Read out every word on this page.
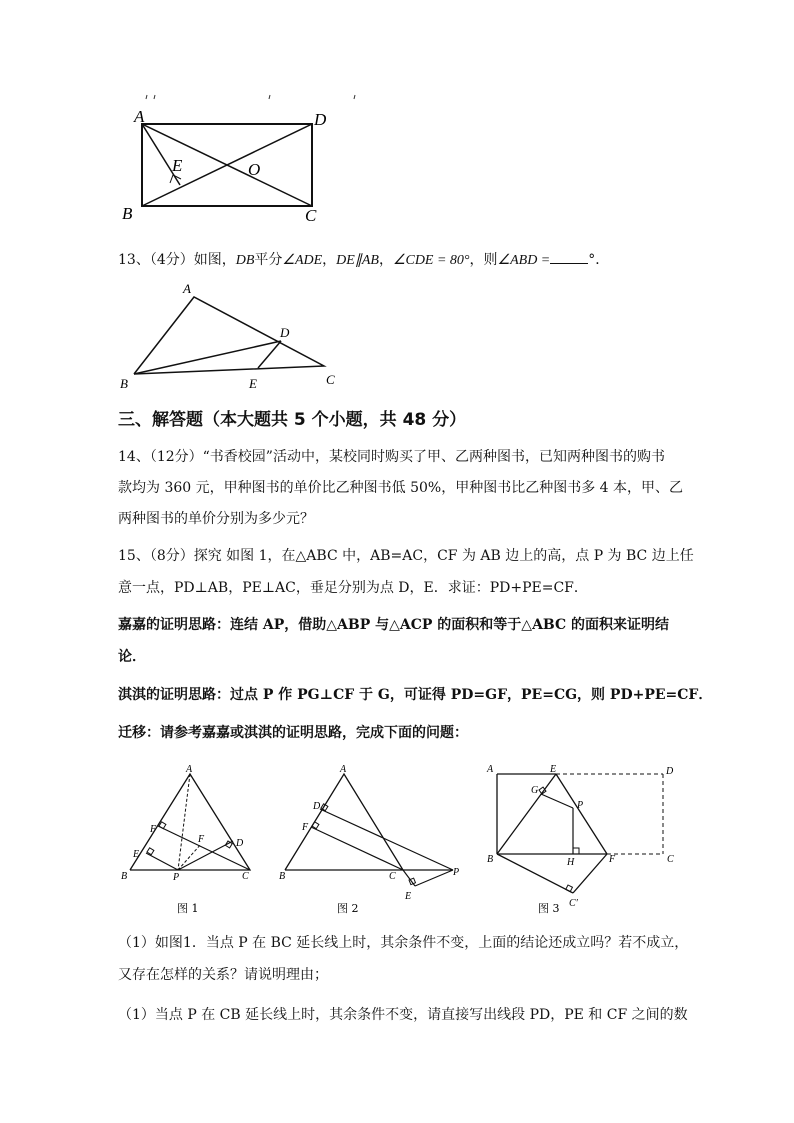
A	D
E	O
B	C
13、（4分）如图，DB平分∠ADE，DE∥AB，∠CDE = 80°，则∠ABD =	°．
A
D
B	E	C
三、解答题（本大题共 5 个小题，共 48 分）
14、（12分）“书香校园”活动中，某校同时购买了甲、乙两种图书，已知两种图书的购书
款均为 360 元，甲种图书的单价比乙种图书低 50%，甲种图书比乙种图书多 4 本，甲、乙
两种图书的单价分别为多少元？
15、（8分）探究 如图 1，在△ABC 中，AB=AC，CF 为 AB 边上的高，点 P 为 BC 边上任
意一点，PD⊥AB，PE⊥AC，垂足分别为点 D，E．求证：PD+PE=CF．
嘉嘉的证明思路：连结 AP，借助△ABP 与△ACP 的面积和等于△ABC 的面积来证明结
论．
淇淇的证明思路：过点 P 作 PG⊥CF 于 G，可证得 PD=GF，PE=CG，则 PD+PE=CF．
迁移：请参考嘉嘉或淇淇的证明思路，完成下面的问题：
A
F
F	D
E
B	P	C
图 1
A
D
F
B	C	P
E
图 2
A	E	D
G
P
B	H	F	C
C′
图 3
（1）如图1．当点 P 在 BC 延长线上时，其余条件不变，上面的结论还成立吗？若不成立，
又存在怎样的关系？请说明理由；
（1）当点 P 在 CB 延长线上时，其余条件不变，请直接写出线段 PD，PE 和 CF 之间的数
